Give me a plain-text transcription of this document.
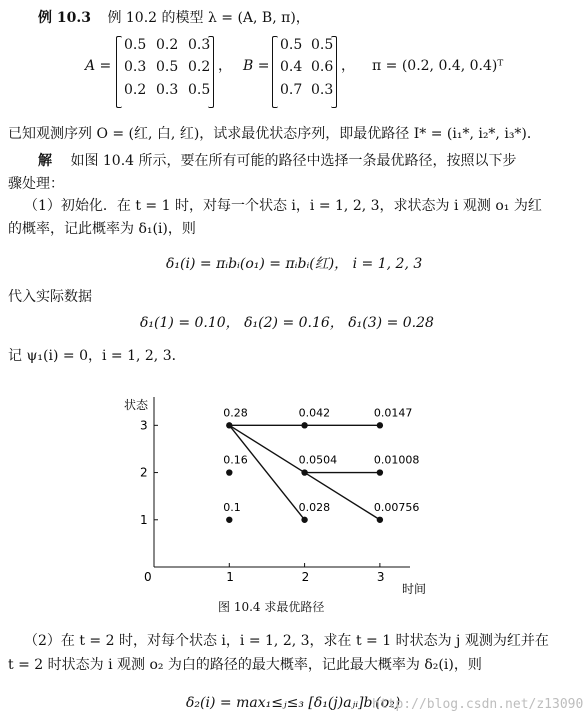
例 10.3 例 10.2 的模型 λ = (A, B, π)，
A =
0.5 0.2 0.3
0.3 0.5 0.2
0.2 0.3 0.5
， B =
0.5 0.5
0.4 0.6
0.7 0.3
， π = (0.2, 0.4, 0.4)ᵀ
已知观测序列 O = (红, 白, 红)，试求最优状态序列，即最优路径 I* = (i₁*, i₂*, i₃*)．
解 如图 10.4 所示，要在所有可能的路径中选择一条最优路径，按照以下步
骤处理：
（1）初始化．在 t = 1 时，对每一个状态 i，i = 1, 2, 3，求状态为 i 观测 o₁ 为红
的概率，记此概率为 δ₁(i)，则
δ₁(i) = πᵢbᵢ(o₁) = πᵢbᵢ(红)， i = 1, 2, 3
代入实际数据
δ₁(1) = 0.10， δ₁(2) = 0.16， δ₁(3) = 0.28
记 ψ₁(i) = 0，i = 1, 2, 3．
0.28
0.16
0.1
0.042
0.0504
0.028
0.0147
0.01008
0.00756
1	2	3
1
2
3
状态
时间
0
图 10.4 求最优路径
（2）在 t = 2 时，对每个状态 i，i = 1, 2, 3，求在 t = 1 时状态为 j 观测为红并在
t = 2 时状态为 i 观测 o₂ 为白的路径的最大概率，记此最大概率为 δ₂(i)，则
δ₂(i) = max₁≤ⱼ≤₃ [δ₁(j)aⱼᵢ]bᵢ(o₂)
http://blog.csdn.net/z13090
